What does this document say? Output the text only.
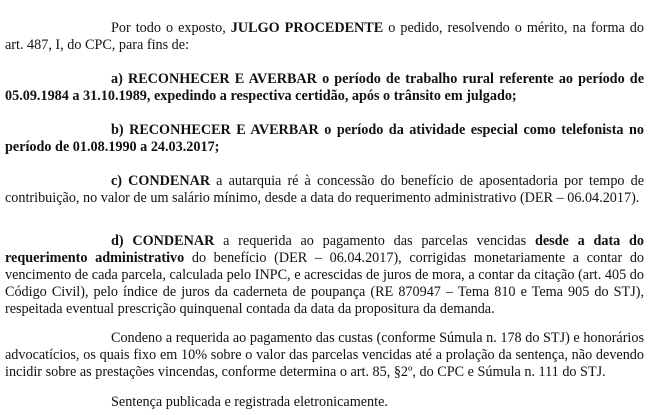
Por todo o exposto, JULGO PROCEDENTE o pedido, resolvendo o mérito, na forma do art. 487, I, do CPC, para fins de:

a) RECONHECER E AVERBAR o período de trabalho rural referente ao período de 05.09.1984 a 31.10.1989, expedindo a respectiva certidão, após o trânsito em julgado;

b) RECONHECER E AVERBAR o período da atividade especial como telefonista no período de 01.08.1990 a 24.03.2017;

c) CONDENAR a autarquia ré à concessão do benefício de aposentadoria por tempo de contribuição, no valor de um salário mínimo, desde a data do requerimento administrativo (DER – 06.04.2017).

d) CONDENAR a requerida ao pagamento das parcelas vencidas desde a data do requerimento administrativo do benefício (DER – 06.04.2017), corrigidas monetariamente a contar do vencimento de cada parcela, calculada pelo INPC, e acrescidas de juros de mora, a contar da citação (art. 405 do Código Civil), pelo índice de juros da caderneta de poupança (RE 870947 – Tema 810 e Tema 905 do STJ), respeitada eventual prescrição quinquenal contada da data da propositura da demanda.

Condeno a requerida ao pagamento das custas (conforme Súmula n. 178 do STJ) e honorários advocatícios, os quais fixo em 10% sobre o valor das parcelas vencidas até a prolação da sentença, não devendo incidir sobre as prestações vincendas, conforme determina o art. 85, §2º, do CPC e Súmula n. 111 do STJ.

Sentença publicada e registrada eletronicamente.
